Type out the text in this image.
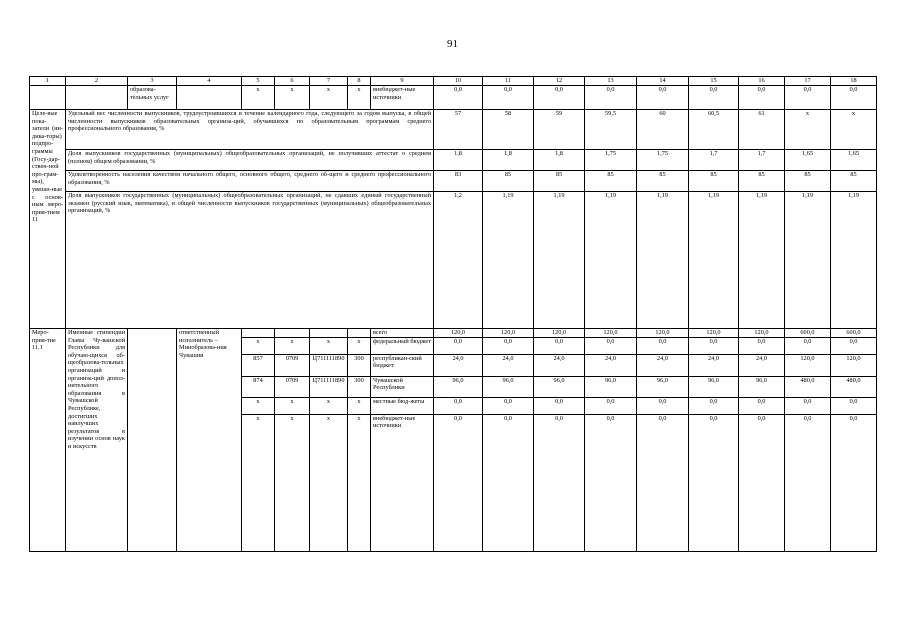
91
1	2	3	4	5	6	7	8	9	10	11	12	13	14	15	16	17	18
		образова-тельных услуг		x	x	x	x	внебюджет-ные источники	0,0	0,0	0,0	0,0	0,0	0,0	0,0	0,0	0,0
Целе-вые пока-затели (ин-дика-торы) подпро-граммы (Госу-дар-ствен-ной про-грам-мы), увязан-ные с основ-ным меро-прия-тием 11	Удельный вес численности выпускников, трудоустроившихся в течение календарного года, следующего за годом выпуска, в общей численности выпускников образовательных организа-ций, обучавшихся по образовательным программам среднего профессионального образования, %								57	58	59	59,5	60	60,5	61	x	x
	Доля выпускников государственных (муниципальных) общеобразовательных организаций, не получивших аттестат о среднем (полном) общем образовании, %								1,8	1,8	1,8	1,75	1,75	1,7	1,7	1,65	1,65
	Удовлетворенность населения качеством начального общего, основного общего, среднего об-щего и среднего профессионального образования, %								83	85	85	85	85	85	85	85	85
	Доля выпускников государственных (муниципальных) общеобразовательных организаций, не сдавших единый государственный экзамен (русский язык, математика), в общей численности выпускников государственных (муниципальных) общеобразовательных организаций, %								1,2	1,19	1,19	1,19	1,19	1,19	1,19	1,19	1,19
Меро-прия-тие 11.1	Именные стипендии Главы Чу-вашской Республики для обучаю-щихся об-щеобразова-тельных организаций и организа-ций допол-нительного образования в Чувашской Республике, достигших наилучших результатов в изучении основ наук и искусств		ответственный исполнитель – Минобразова-ния Чувашии					всего	120,0	120,0	120,0	120,0	120,0	120,0	120,0	600,0	600,0
				x	x	x	x	федеральный бюджет	0,0	0,0	0,0	0,0	0,0	0,0	0,0	0,0	0,0
				857	0709	Ц711111890	300	республикан-ский бюджет	24,0	24,0	24,0	24,0	24,0	24,0	24,0	120,0	120,0
				874	0709	Ц711111890	300	Чувашской Республики	96,0	96,0	96,0	96,0	96,0	96,0	96,0	480,0	480,0
				x	x	x	x	местные бюд-жеты	0,0	0,0	0,0	0,0	0,0	0,0	0,0	0,0	0,0
				x	x	x	x	внебюджет-ные источники	0,0	0,0	0,0	0,0	0,0	0,0	0,0	0,0	0,0
